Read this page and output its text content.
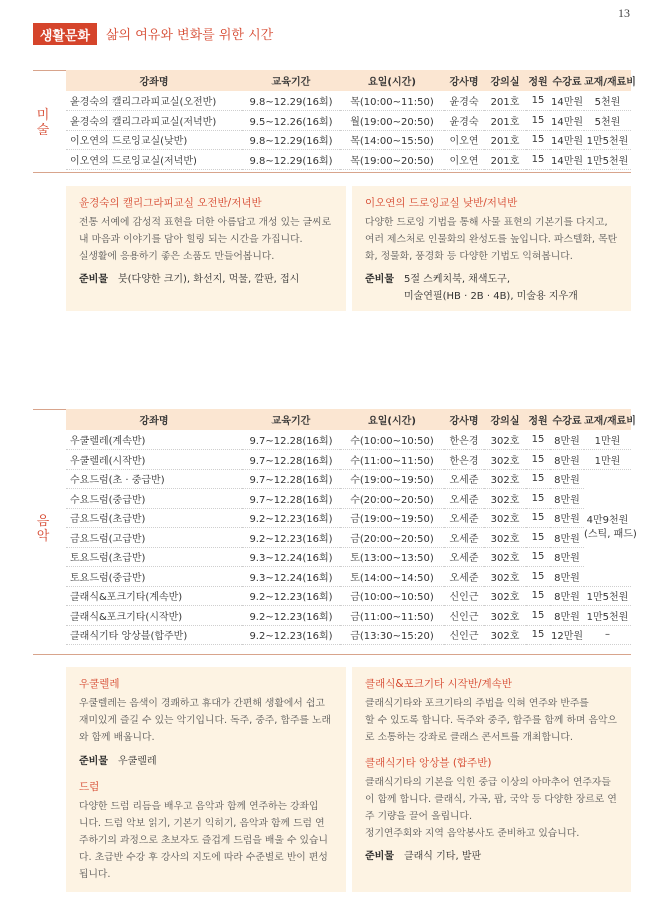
13
생활문화	삶의 여유와 변화를 위한 시간
미
술
강좌명	교육기간	요일(시간)	강사명	강의실	정원	수강료	교재/재료비
윤경숙의 캘리그라피교실(오전반)	9.8~12.29(16회)	목(10:00~11:50)	윤경숙	201호	15	14만원	5천원
윤경숙의 캘리그라피교실(저녁반)	9.5~12.26(16회)	월(19:00~20:50)	윤경숙	201호	15	14만원	5천원
이오연의 드로잉교실(낮반)	9.8~12.29(16회)	목(14:00~15:50)	이오연	201호	15	14만원	1만5천원
이오연의 드로잉교실(저녁반)	9.8~12.29(16회)	목(19:00~20:50)	이오연	201호	15	14만원	1만5천원
윤경숙의 캘리그라피교실 오전반/저녁반

전통 서예에 감성적 표현을 더한 아름답고 개성 있는 글씨로
내 마음과 이야기를 담아 힐링 되는 시간을 가집니다.
실생활에 응용하기 좋은 소품도 만들어봅니다.

준비물 붓(다양한 크기), 화선지, 먹물, 깔판, 접시
이오연의 드로잉교실 낮반/저녁반

다양한 드로잉 기법을 통해 사물 표현의 기본기를 다지고,
여러 제스처로 인물화의 완성도를 높입니다. 파스텔화, 목탄
화, 정물화, 풍경화 등 다양한 기법도 익혀봅니다.

준비물 5절 스케치북, 채색도구,
미술연필(HB · 2B · 4B), 미술용 지우개
음
악
강좌명	교육기간	요일(시간)	강사명	강의실	정원	수강료	교재/재료비
우쿨렐레(계속반)	9.7~12.28(16회)	수(10:00~10:50)	한은경	302호	15	8만원	1만원
우쿨렐레(시작반)	9.7~12.28(16회)	수(11:00~11:50)	한은경	302호	15	8만원	1만원
수요드럼(초 · 중급반)	9.7~12.28(16회)	수(19:00~19:50)	오세준	302호	15	8만원	4만9천원
(스틱, 패드)
수요드럼(중급반)	9.7~12.28(16회)	수(20:00~20:50)	오세준	302호	15	8만원	
금요드럼(초급반)	9.2~12.23(16회)	금(19:00~19:50)	오세준	302호	15	8만원	
금요드럼(고급반)	9.2~12.23(16회)	금(20:00~20:50)	오세준	302호	15	8만원	
토요드럼(초급반)	9.3~12.24(16회)	토(13:00~13:50)	오세준	302호	15	8만원	
토요드럼(중급반)	9.3~12.24(16회)	토(14:00~14:50)	오세준	302호	15	8만원	
클래식&포크기타(계속반)	9.2~12.23(16회)	금(10:00~10:50)	신인근	302호	15	8만원	1만5천원
클래식&포크기타(시작반)	9.2~12.23(16회)	금(11:00~11:50)	신인근	302호	15	8만원	1만5천원
클래식기타 앙상블(합주반)	9.2~12.23(16회)	금(13:30~15:20)	신인근	302호	15	12만원	–
우쿨렐레

우쿨렐레는 음색이 경쾌하고 휴대가 간편해 생활에서 쉽고
재미있게 즐길 수 있는 악기입니다. 독주, 중주, 합주를 노래
와 함께 배웁니다.

준비물 우쿨렐레
드럼

다양한 드럼 리듬을 배우고 음악과 함께 연주하는 강좌입
니다. 드럼 악보 읽기, 기본기 익히기, 음악과 함께 드럼 연
주하기의 과정으로 초보자도 즐겁게 드럼을 배울 수 있습니
다. 초급반 수강 후 강사의 지도에 따라 수준별로 반이 편성
됩니다.

클래식&포크기타 시작반/계속반

클래식기타와 포크기타의 주법을 익혀 연주와 반주를
할 수 있도록 합니다. 독주와 중주, 합주를 함께 하며 음악으
로 소통하는 강좌로 클래스 콘서트를 개최합니다.

클래식기타 앙상블 (합주반)

클래식기타의 기본을 익힌 중급 이상의 아마추어 연주자들
이 함께 합니다. 클래식, 가곡, 팝, 국악 등 다양한 장르로 연
주 기량을 끌어 올립니다.
정기연주회와 지역 음악봉사도 준비하고 있습니다.

준비물 클래식 기타, 발판
